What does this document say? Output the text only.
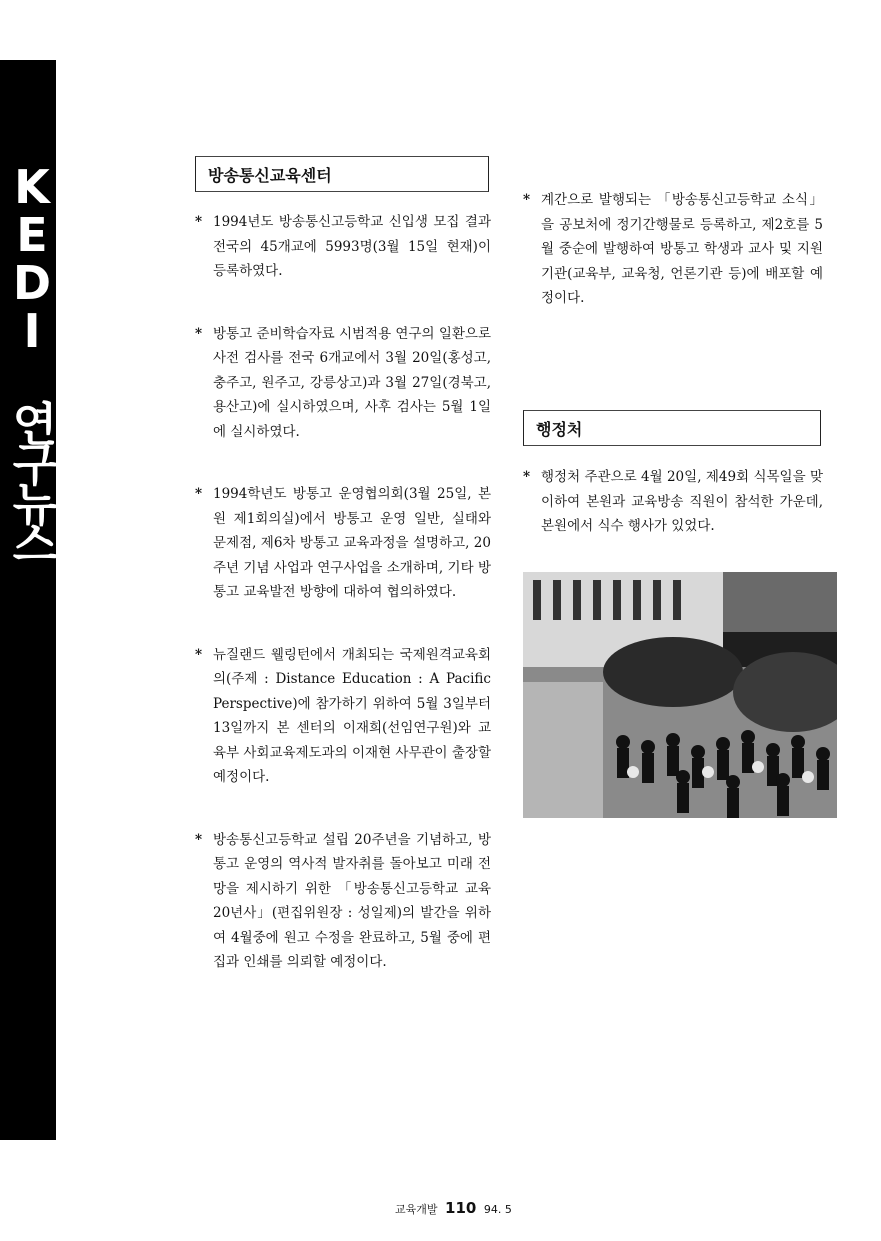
KEDI 연구뉴스	방송통신교육센터
* 1994년도 방송통신고등학교 신입생 모집 결과 전국의 45개교에 5993명(3월 15일 현재)이 등록하였다.
* 방통고 준비학습자료 시범적용 연구의 일환으로 사전 검사를 전국 6개교에서 3월 20일(홍성고, 충주고, 원주고, 강릉상고)과 3월 27일(경북고, 용산고)에 실시하였으며, 사후 검사는 5월 1일에 실시하였다.
* 1994학년도 방통고 운영협의회(3월 25일, 본원 제1회의실)에서 방통고 운영 일반, 실태와 문제점, 제6차 방통고 교육과정을 설명하고, 20주년 기념 사업과 연구사업을 소개하며, 기타 방통고 교육발전 방향에 대하여 협의하였다.
* 뉴질랜드 웰링턴에서 개최되는 국제원격교육회의(주제 : Distance Education : A Pacific Perspective)에 참가하기 위하여 5월 3일부터 13일까지 본 센터의 이재희(선임연구원)와 교육부 사회교육제도과의 이재현 사무관이 출장할 예정이다.
* 방송통신고등학교 설립 20주년을 기념하고, 방통고 운영의 역사적 발자취를 돌아보고 미래 전망을 제시하기 위한 「방송통신고등학교 교육 20년사」(편집위원장 : 성일제)의 발간을 위하여 4월중에 원고 수정을 완료하고, 5월 중에 편집과 인쇄를 의뢰할 예정이다.
* 계간으로 발행되는 「방송통신고등학교 소식」을 공보처에 정기간행물로 등록하고, 제2호를 5월 중순에 발행하여 방통고 학생과 교사 및 지원기관(교육부, 교육청, 언론기관 등)에 배포할 예정이다.
행정처
* 행정처 주관으로 4월 20일, 제49회 식목일을 맞이하여 본원과 교육방송 직원이 참석한 가운데, 본원에서 식수 행사가 있었다.
교육개발 110 94. 5
